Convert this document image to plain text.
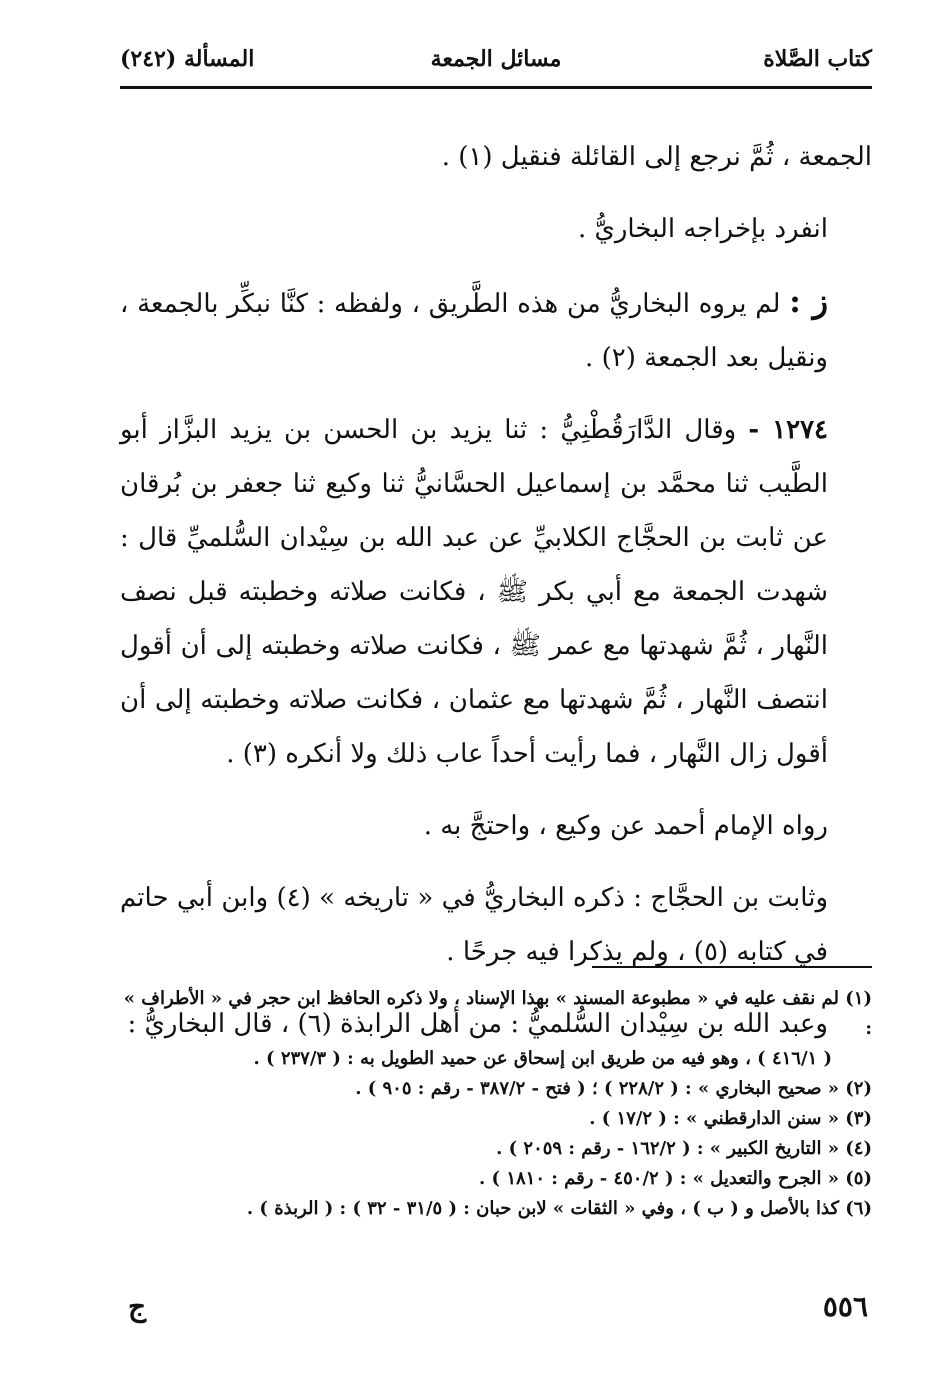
كتاب الصَّلاة
مسائل الجمعة
المسألة (٢٤٢)

الجمعة ، ثُمَّ نرجع إلى القائلة فنقيل (١) .

انفرد بإخراجه البخاريُّ .

ز : لم يروه البخاريُّ من هذه الطَّريق ، ولفظه : كنَّا نبكِّر بالجمعة ، ونقيل بعد الجمعة (٢) .

١٢٧٤ - وقال الدَّارَقُطْنِيُّ : ثنا يزيد بن الحسن بن يزيد البزَّاز أبو الطَّيب ثنا محمَّد بن إسماعيل الحسَّانيُّ ثنا وكيع ثنا جعفر بن بُرقان عن ثابت بن الحجَّاج الكلابيِّ عن عبد الله بن سِيْدان السُّلميِّ قال : شهدت الجمعة مع أبي بكر ﷺ ، فكانت صلاته وخطبته قبل نصف النَّهار ، ثُمَّ شهدتها مع عمر ﷺ ، فكانت صلاته وخطبته إلى أن أقول انتصف النَّهار ، ثُمَّ شهدتها مع عثمان ، فكانت صلاته وخطبته إلى أن أقول زال النَّهار ، فما رأيت أحداً عاب ذلك ولا أنكره (٣) .

رواه الإمام أحمد عن وكيع ، واحتجَّ به .

وثابت بن الحجَّاج : ذكره البخاريُّ في « تاريخه » (٤) وابن أبي حاتم في كتابه (٥) ، ولم يذكرا فيه جرحًا .

وعبد الله بن سِيْدان السُّلميُّ : من أهل الرابذة (٦) ، قال البخاريُّ :

(١) لم نقف عليه في « مطبوعة المسند » بهذا الإسناد ، ولا ذكره الحافظ ابن حجر في « الأطراف » :
( ٤١٦/١ ) ، وهو فيه من طريق ابن إسحاق عن حميد الطويل به : ( ٢٣٧/٣ ) .
(٢) « صحيح البخاري » : ( ٢٢٨/٢ ) ؛ ( فتح - ٣٨٧/٢ - رقم : ٩٠٥ ) .
(٣) « سنن الدارقطني » : ( ١٧/٢ ) .
(٤) « التاريخ الكبير » : ( ١٦٢/٢ - رقم : ٢٠٥٩ ) .
(٥) « الجرح والتعديل » : ( ٤٥٠/٢ - رقم : ١٨١٠ ) .
(٦) كذا بالأصل و ( ب ) ، وفي « الثقات » لابن حبان : ( ٣١/٥ - ٣٢ ) : ( الربذة ) .
ج	٥٥٦
